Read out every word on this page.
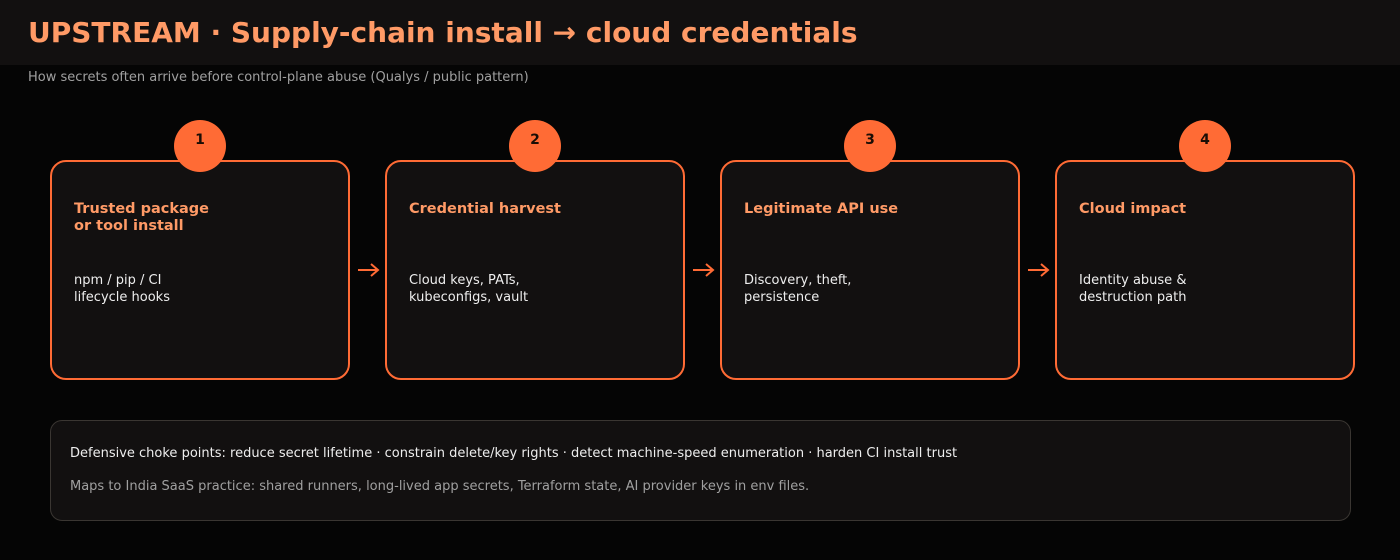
UPSTREAM · Supply-chain install → cloud credentials
How secrets often arrive before control-plane abuse (Qualys / public pattern)
Trusted package
or tool install
npm / pip / CI
lifecycle hooks
1
Credential harvest
Cloud keys, PATs,
kubeconfigs, vault
2
Legitimate API use
Discovery, theft,
persistence
3
Cloud impact
Identity abuse &
destruction path
4
Defensive choke points: reduce secret lifetime · constrain delete/key rights · detect machine-speed enumeration · harden CI install trust
Maps to India SaaS practice: shared runners, long-lived app secrets, Terraform state, AI provider keys in env files.
